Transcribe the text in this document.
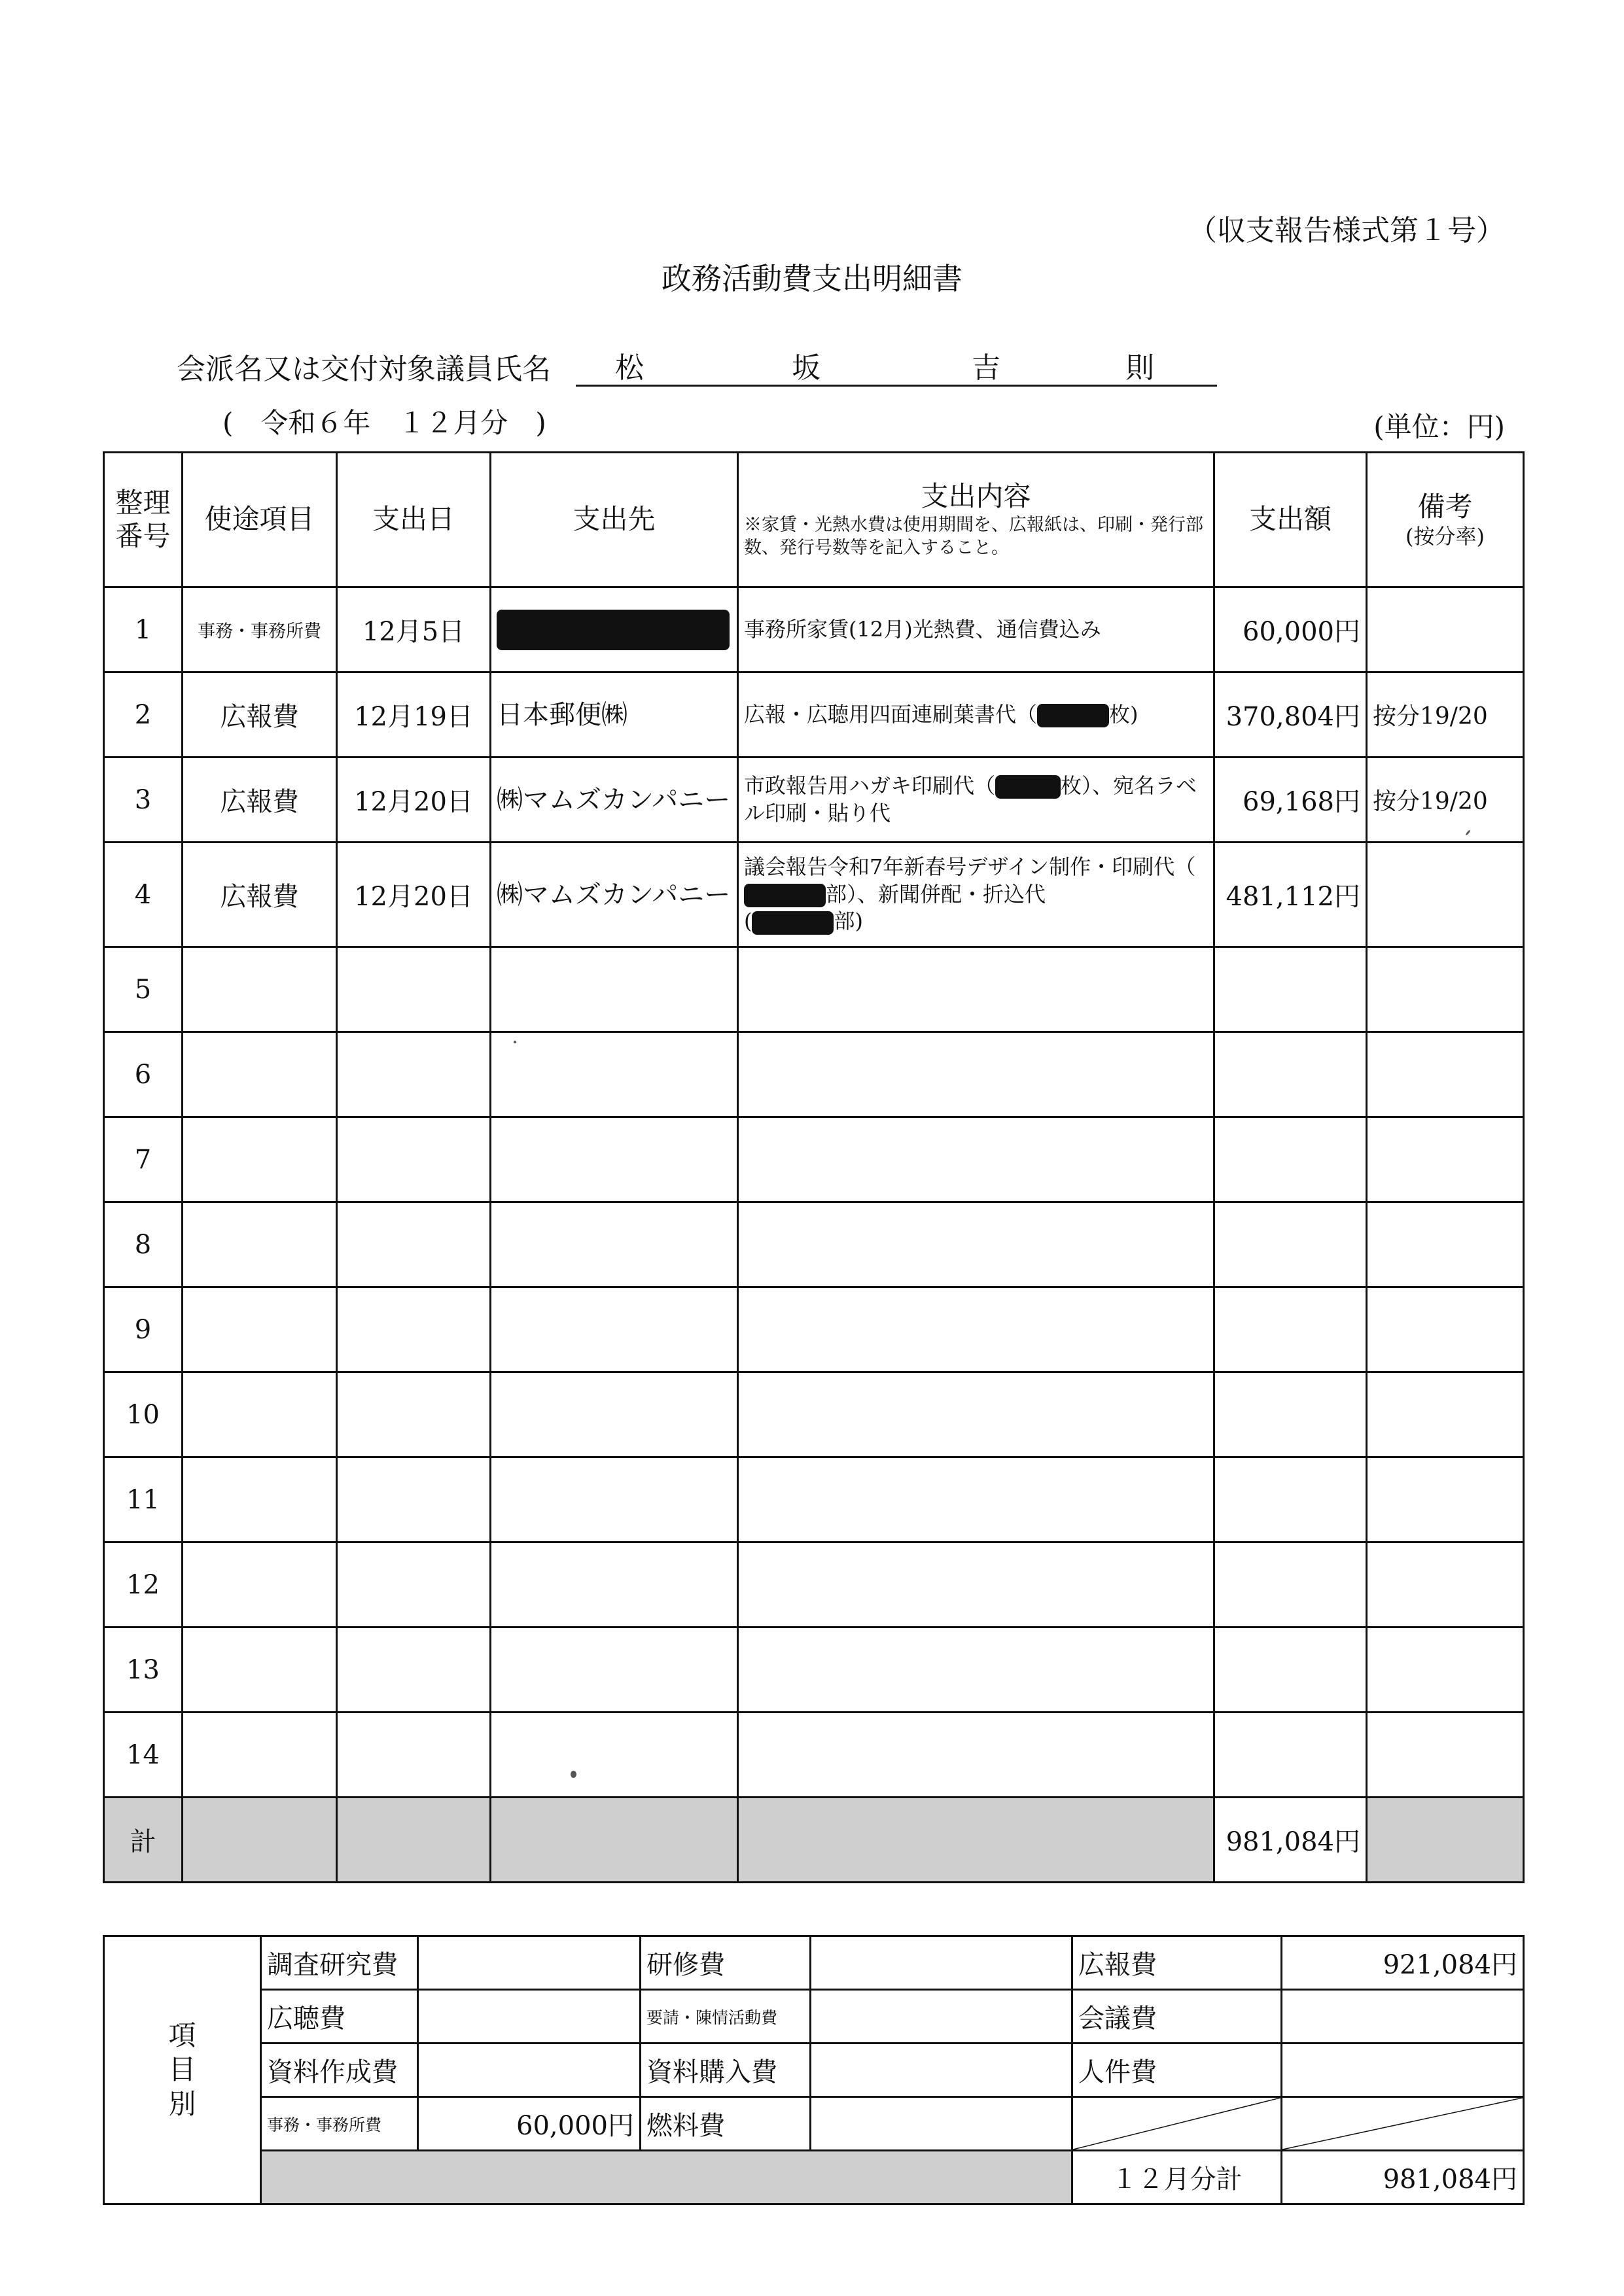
（収支報告様式第１号）
政務活動費支出明細書
会派名又は交付対象議員氏名 松	坂	吉	則
(　令和６年　１２月分　)	(単位：円)
整理番号	使途項目	支出日	支出先	支出内容
※家賃・光熱水費は使用期間を、広報紙は、印刷・発行部数、発行号数等を記入すること。	支出額	備考
(按分率)

1	事務・事務所費	12月5日		事務所家賃(12月)光熱費、通信費込み	60,000円	
2	広報費	12月19日	日本郵便㈱	広報・広聴用四面連刷葉書代（ 枚)	370,804円	按分19/20
3	広報費	12月20日	㈱マムズカンパニー	市政報告用ハガキ印刷代（ 枚）、宛名ラベル印刷・貼り代	69,168円	按分19/20
4	広報費	12月20日	㈱マムズカンパニー	議会報告令和7年新春号デザイン制作・印刷代（部）、新聞併配・折込代
( 部)	481,112円	
5						
6						
7						
8						
9						
10						
11						
12						
13						
14						
計					981,084円	
項目別	調査研究費		研修費		広報費	921,084円
	広聴費		要請・陳情活動費		会議費	
	資料作成費		資料購入費		人件費	
	事務・事務所費	60,000円	燃料費		

					１２月分計	981,084円
